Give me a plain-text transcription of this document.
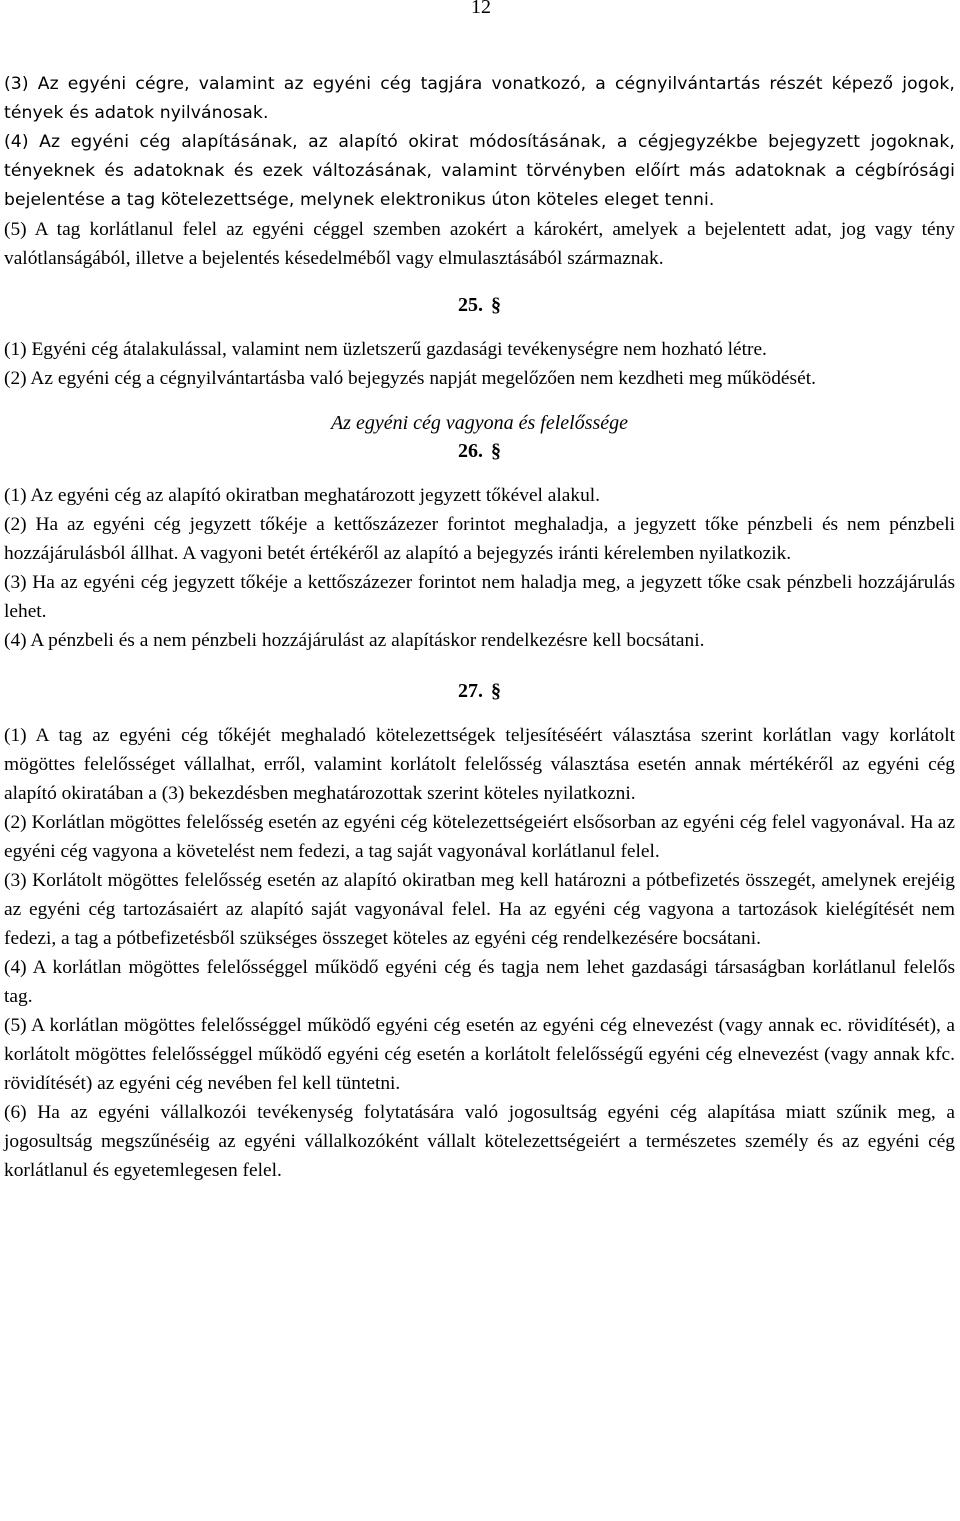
12

(3) Az egyéni cégre, valamint az egyéni cég tagjára vonatkozó, a cégnyilvántartás részét képező jogok, tények és adatok nyilvánosak.

(4) Az egyéni cég alapításának, az alapító okirat módosításának, a cégjegyzékbe bejegyzett jogoknak, tényeknek és adatoknak és ezek változásának, valamint törvényben előírt más adatoknak a cégbírósági bejelentése a tag kötelezettsége, melynek elektronikus úton köteles eleget tenni.

(5) A tag korlátlanul felel az egyéni céggel szemben azokért a károkért, amelyek a bejelentett adat, jog vagy tény valótlanságából, illetve a bejelentés késedelméből vagy elmulasztásából származnak.

25. §

(1) Egyéni cég átalakulással, valamint nem üzletszerű gazdasági tevékenységre nem hozható létre.

(2) Az egyéni cég a cégnyilvántartásba való bejegyzés napját megelőzően nem kezdheti meg működését.

Az egyéni cég vagyona és felelőssége

26. §

(1) Az egyéni cég az alapító okiratban meghatározott jegyzett tőkével alakul.

(2) Ha az egyéni cég jegyzett tőkéje a kettőszázezer forintot meghaladja, a jegyzett tőke pénzbeli és nem pénzbeli hozzájárulásból állhat. A vagyoni betét értékéről az alapító a bejegyzés iránti kérelemben nyilatkozik.

(3) Ha az egyéni cég jegyzett tőkéje a kettőszázezer forintot nem haladja meg, a jegyzett tőke csak pénzbeli hozzájárulás lehet.

(4) A pénzbeli és a nem pénzbeli hozzájárulást az alapításkor rendelkezésre kell bocsátani.

27. §

(1) A tag az egyéni cég tőkéjét meghaladó kötelezettségek teljesítéséért választása szerint korlátlan vagy korlátolt mögöttes felelősséget vállalhat, erről, valamint korlátolt felelősség választása esetén annak mértékéről az egyéni cég alapító okiratában a (3) bekezdésben meghatározottak szerint köteles nyilatkozni.

(2) Korlátlan mögöttes felelősség esetén az egyéni cég kötelezettségeiért elsősorban az egyéni cég felel vagyonával. Ha az egyéni cég vagyona a követelést nem fedezi, a tag saját vagyonával korlátlanul felel.

(3) Korlátolt mögöttes felelősség esetén az alapító okiratban meg kell határozni a pótbefizetés összegét, amelynek erejéig az egyéni cég tartozásaiért az alapító saját vagyonával felel. Ha az egyéni cég vagyona a tartozások kielégítését nem fedezi, a tag a pótbefizetésből szükséges összeget köteles az egyéni cég rendelkezésére bocsátani.

(4) A korlátlan mögöttes felelősséggel működő egyéni cég és tagja nem lehet gazdasági társaságban korlátlanul felelős tag.

(5) A korlátlan mögöttes felelősséggel működő egyéni cég esetén az egyéni cég elnevezést (vagy annak ec. rövidítését), a korlátolt mögöttes felelősséggel működő egyéni cég esetén a korlátolt felelősségű egyéni cég elnevezést (vagy annak kfc. rövidítését) az egyéni cég nevében fel kell tüntetni.

(6) Ha az egyéni vállalkozói tevékenység folytatására való jogosultság egyéni cég alapítása miatt szűnik meg, a jogosultság megszűnéséig az egyéni vállalkozóként vállalt kötelezettségeiért a természetes személy és az egyéni cég korlátlanul és egyetemlegesen felel.
